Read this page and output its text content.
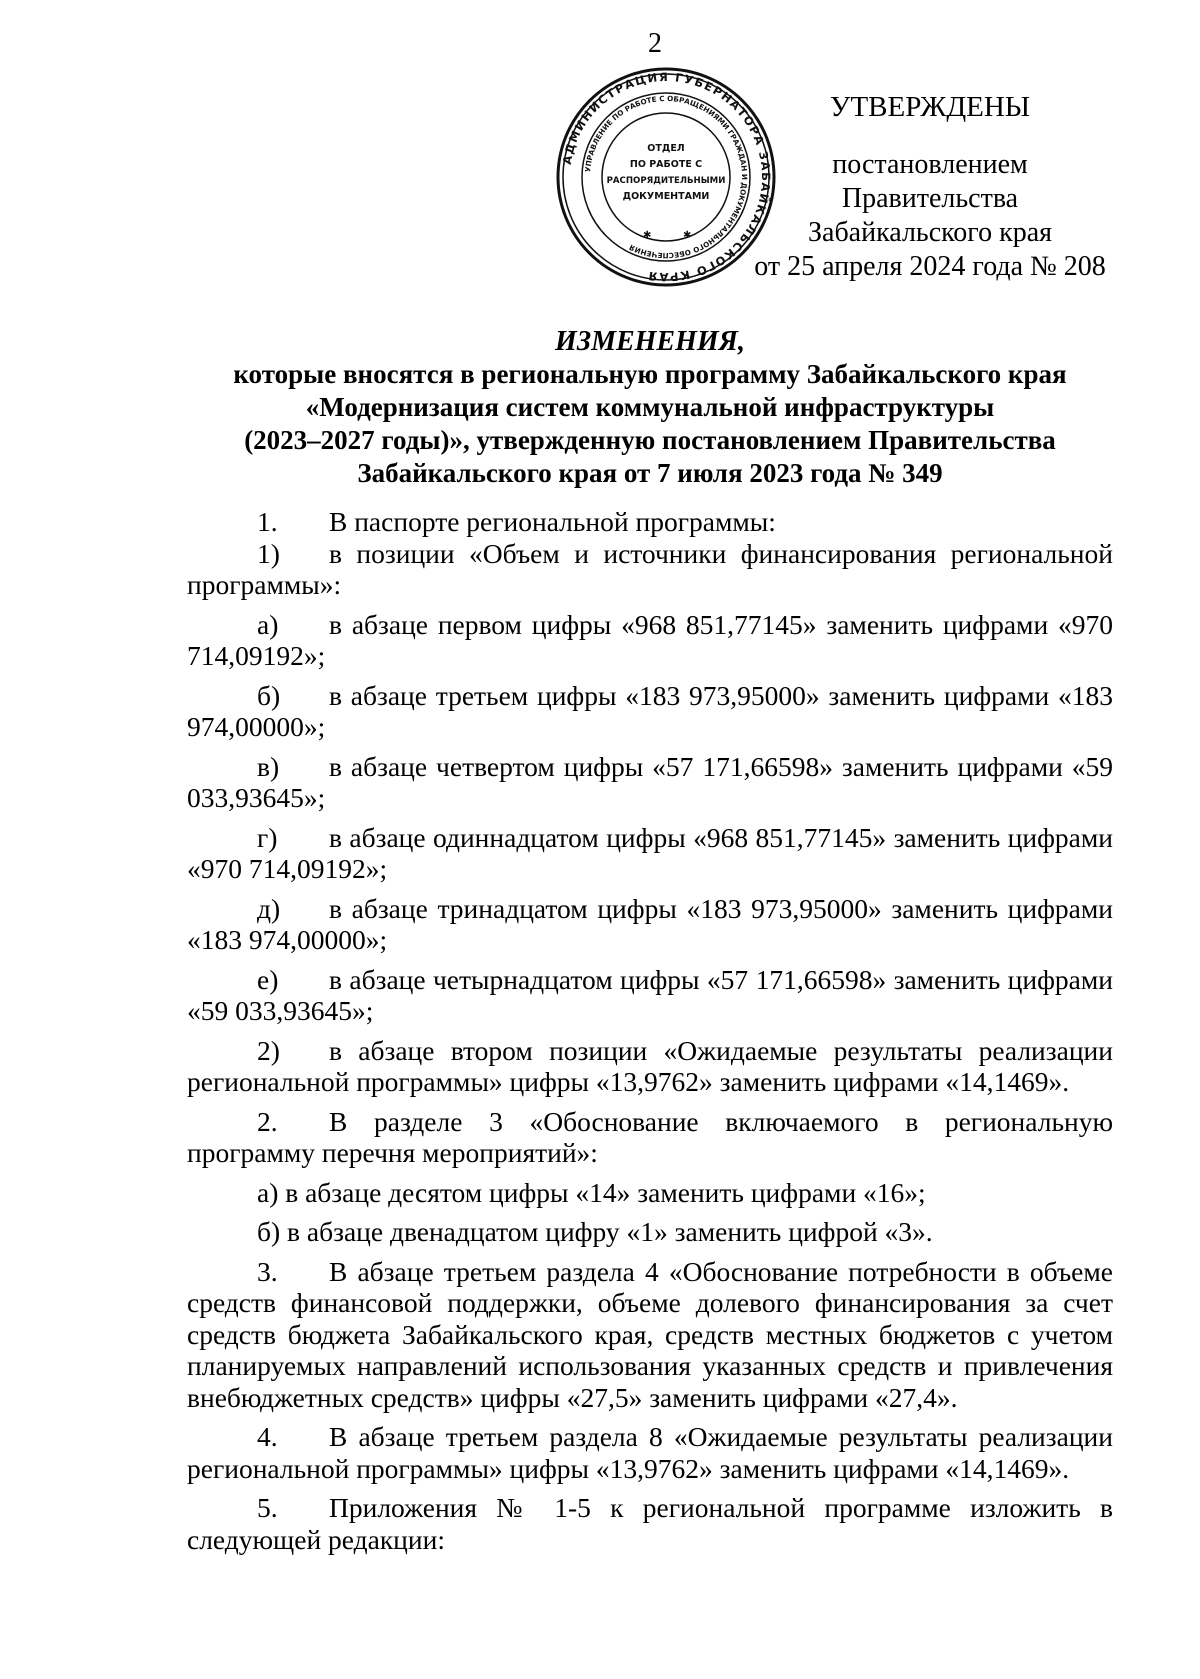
2
АДМИНИСТРАЦИЯ ГУБЕРНАТОРА ЗАБАЙКАЛЬСКОГО КРАЯ
УПРАВЛЕНИЕ ПО РАБОТЕ С ОБРАЩЕНИЯМИ ГРАЖДАН И ДОКУМЕНТАЛЬНОГО ОБЕСПЕЧЕНИЯ
ОТДЕЛ
ПО РАБОТЕ С
РАСПОРЯДИТЕЛЬНЫМИ
ДОКУМЕНТАМИ
✱	✱
УТВЕРЖДЕНЫ
постановлением Правительства
Забайкальского края
от 25 апреля 2024 года № 208
ИЗМЕНЕНИЯ,
которые вносятся в региональную программу Забайкальского края
«Модернизация систем коммунальной инфраструктуры
(2023–2027 годы)», утвержденную постановлением Правительства
Забайкальского края от 7 июля 2023 года № 349

1. В паспорте региональной программы:

1) в позиции «Объем и источники финансирования региональной программы»:

а) в абзаце первом цифры «968 851,77145» заменить цифрами «970 714,09192»;

б) в абзаце третьем цифры «183 973,95000» заменить цифрами «183 974,00000»;

в) в абзаце четвертом цифры «57 171,66598» заменить цифрами «59 033,93645»;

г) в абзаце одиннадцатом цифры «968 851,77145» заменить цифрами «970 714,09192»;

д) в абзаце тринадцатом цифры «183 973,95000» заменить цифрами «183 974,00000»;

е) в абзаце четырнадцатом цифры «57 171,66598» заменить цифрами «59 033,93645»;

2) в абзаце втором позиции «Ожидаемые результаты реализации региональной программы» цифры «13,9762» заменить цифрами «14,1469».

2. В разделе 3 «Обоснование включаемого в региональную программу перечня мероприятий»:

а) в абзаце десятом цифры «14» заменить цифрами «16»;

б) в абзаце двенадцатом цифру «1» заменить цифрой «3».

3. В абзаце третьем раздела 4 «Обоснование потребности в объеме средств финансовой поддержки, объеме долевого финансирования за счет средств бюджета Забайкальского края, средств местных бюджетов с учетом планируемых направлений использования указанных средств и привлечения внебюджетных средств» цифры «27,5» заменить цифрами «27,4».

4. В абзаце третьем раздела 8 «Ожидаемые результаты реализации региональной программы» цифры «13,9762» заменить цифрами «14,1469».

5. Приложения № 1-5 к региональной программе изложить в следующей редакции:
